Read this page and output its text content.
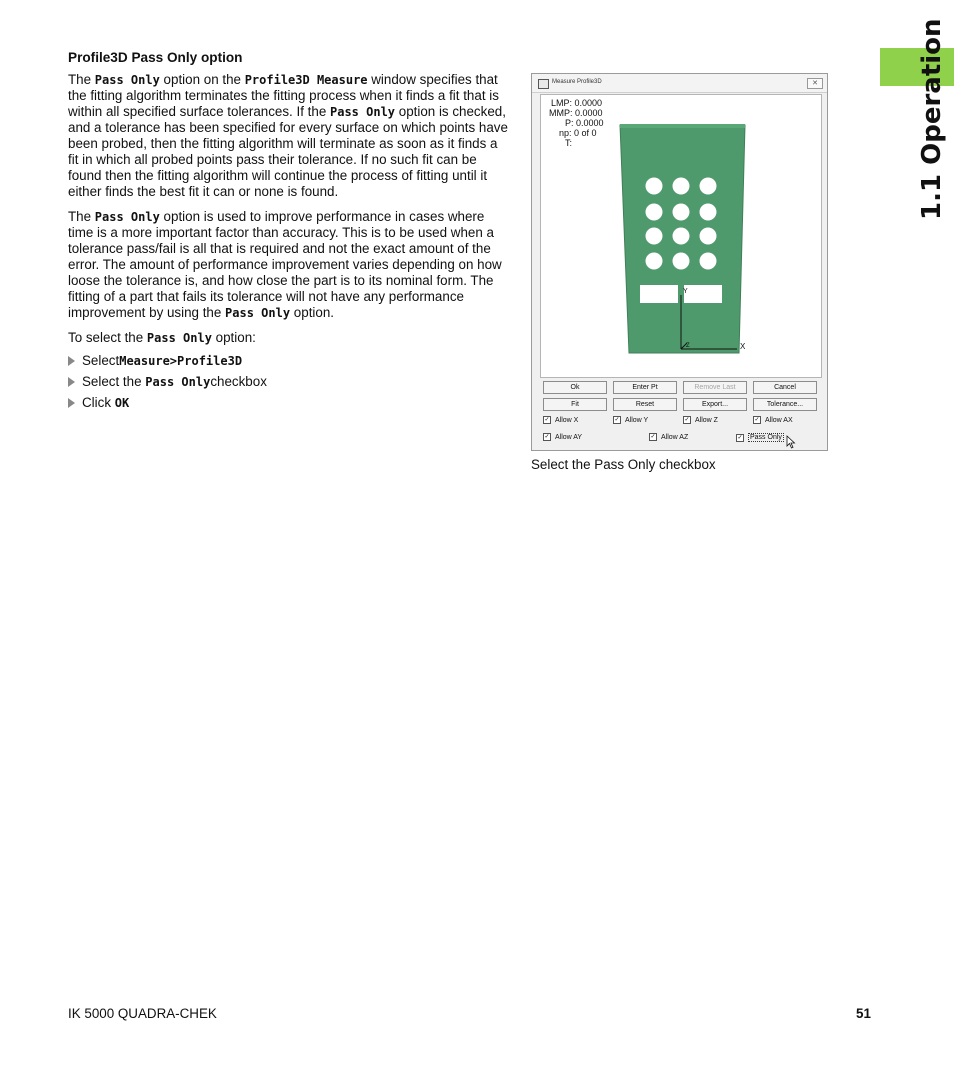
1.1 Operation
Profile3D Pass Only option

The Pass Only option on the Profile3D Measure window specifies that the fitting algorithm terminates the fitting process when it finds a fit that is within all specified surface tolerances. If the Pass Only option is checked, and a tolerance has been specified for every surface on which points have been probed, then the fitting algorithm will terminate as soon as it finds a fit in which all probed points pass their tolerance. If no such fit can be found then the fitting algorithm will continue the process of fitting until it either finds the best fit it can or none is found.

The Pass Only option is used to improve performance in cases where time is a more important factor than accuracy. This is to be used when a tolerance pass/fail is all that is required and not the exact amount of the error. The amount of performance improvement varies depending on how loose the tolerance is, and how close the part is to its nominal form. The fitting of a part that fails its tolerance will not have any performance improvement by using the Pass Only option.

To select the Pass Only option:

Select Measure>Profile3D
Select the
Pass Only checkbox
Click
OK
Measure Profile3D	✕
LMP: 0.0000
MMP: 0.0000
P: 0.0000
np: 0 of 0
T:
Y
X
Z
Ok	Enter Pt	Remove Last	Cancel
Fit	Reset	Export...	Tolerance...
✓ Allow X	✓ Allow Y	✓ Allow Z	✓ Allow AX
✓ Allow AY	✓ Allow AZ	✓ Pass Only
Select the Pass Only checkbox
IK 5000 QUADRA-CHEK	51
